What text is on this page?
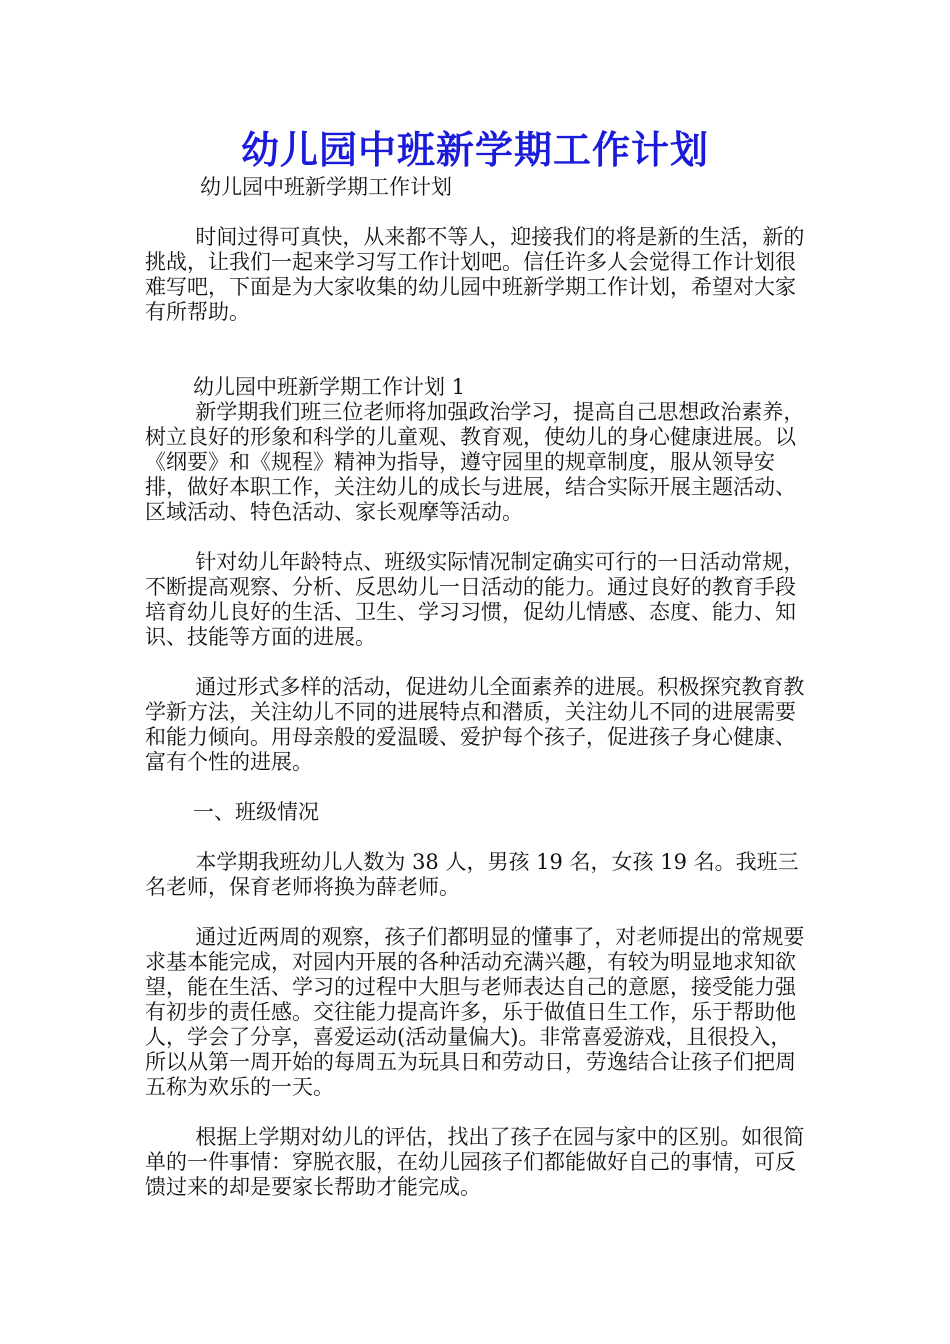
幼儿园中班新学期工作计划

幼儿园中班新学期工作计划

时间过得可真快，从来都不等人，迎接我们的将是新的生活，新的挑战，让我们一起来学习写工作计划吧。信任许多人会觉得工作计划很难写吧，下面是为大家收集的幼儿园中班新学期工作计划，希望对大家有所帮助。

幼儿园中班新学期工作计划 1

新学期我们班三位老师将加强政治学习，提高自己思想政治素养，树立良好的形象和科学的儿童观、教育观，使幼儿的身心健康进展。以《纲要》和《规程》精神为指导，遵守园里的规章制度，服从领导安排，做好本职工作，关注幼儿的成长与进展，结合实际开展主题活动、区域活动、特色活动、家长观摩等活动。

针对幼儿年龄特点、班级实际情况制定确实可行的一日活动常规，不断提高观察、分析、反思幼儿一日活动的能力。通过良好的教育手段培育幼儿良好的生活、卫生、学习习惯，促幼儿情感、态度、能力、知识、技能等方面的进展。

通过形式多样的活动，促进幼儿全面素养的进展。积极探究教育教学新方法，关注幼儿不同的进展特点和潜质，关注幼儿不同的进展需要和能力倾向。用母亲般的爱温暖、爱护每个孩子，促进孩子身心健康、富有个性的进展。

一、班级情况

本学期我班幼儿人数为 38 人，男孩 19 名，女孩 19 名。我班三名老师，保育老师将换为薛老师。

通过近两周的观察，孩子们都明显的懂事了，对老师提出的常规要求基本能完成，对园内开展的各种活动充满兴趣，有较为明显地求知欲望，能在生活、学习的过程中大胆与老师表达自己的意愿，接受能力强有初步的责任感。交往能力提高许多，乐于做值日生工作，乐于帮助他人，学会了分享，喜爱运动(活动量偏大)。非常喜爱游戏，且很投入，所以从第一周开始的每周五为玩具日和劳动日，劳逸结合让孩子们把周五称为欢乐的一天。

根据上学期对幼儿的评估，找出了孩子在园与家中的区别。如很简单的一件事情：穿脱衣服，在幼儿园孩子们都能做好自己的事情，可反馈过来的却是要家长帮助才能完成。
